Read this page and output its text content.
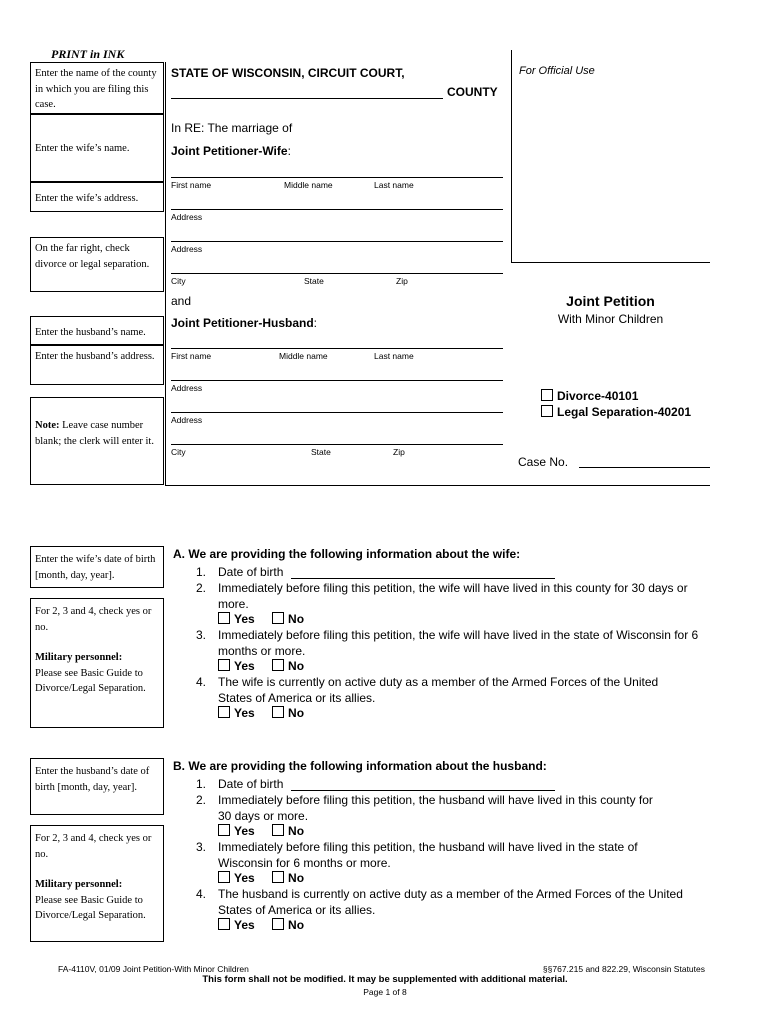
PRINT in INK
Enter the name of the county in which you are filing this case.
Enter the wife’s name.
Enter the wife’s address.
On the far right, check divorce or legal separation.
Enter the husband’s name.
Enter the husband’s address.
Note: Leave case number blank; the clerk will enter it.
STATE OF WISCONSIN, CIRCUIT COURT,
COUNTY
For Official Use
In RE: The marriage of
Joint Petitioner-Wife:
First name	Middle name	Last name
Address
Address
City	State	Zip
and
Joint Petitioner-Husband:
First name	Middle name	Last name
Address
Address
City	State	Zip
Joint Petition
With Minor Children
Divorce-40101
Legal Separation-40201
Case No.
Enter the wife’s date of birth [month, day, year].
For 2, 3 and 4, check yes or no.
Military personnel:
Please see Basic Guide to Divorce/Legal Separation.
A. We are providing the following information about the wife:
1. Date of birth
2. Immediately before filing this petition, the wife will have lived in this county for 30 days or more.
Yes	No
3. Immediately before filing this petition, the wife will have lived in the state of Wisconsin for 6 months or more.
Yes	No
4. The wife is currently on active duty as a member of the Armed Forces of the United States of America or its allies.
Yes	No
Enter the husband’s date of birth [month, day, year].
For 2, 3 and 4, check yes or no.
Military personnel:
Please see Basic Guide to Divorce/Legal Separation.
B. We are providing the following information about the husband:
1. Date of birth
2. Immediately before filing this petition, the husband will have lived in this county for 30 days or more.
Yes	No
3. Immediately before filing this petition, the husband will have lived in the state of Wisconsin for 6 months or more.
Yes	No
4. The husband is currently on active duty as a member of the Armed Forces of the United States of America or its allies.
Yes	No
FA-4110V, 01/09 Joint Petition-With Minor Children	§§767.215 and 822.29, Wisconsin Statutes
This form shall not be modified. It may be supplemented with additional material.
Page 1 of 8
